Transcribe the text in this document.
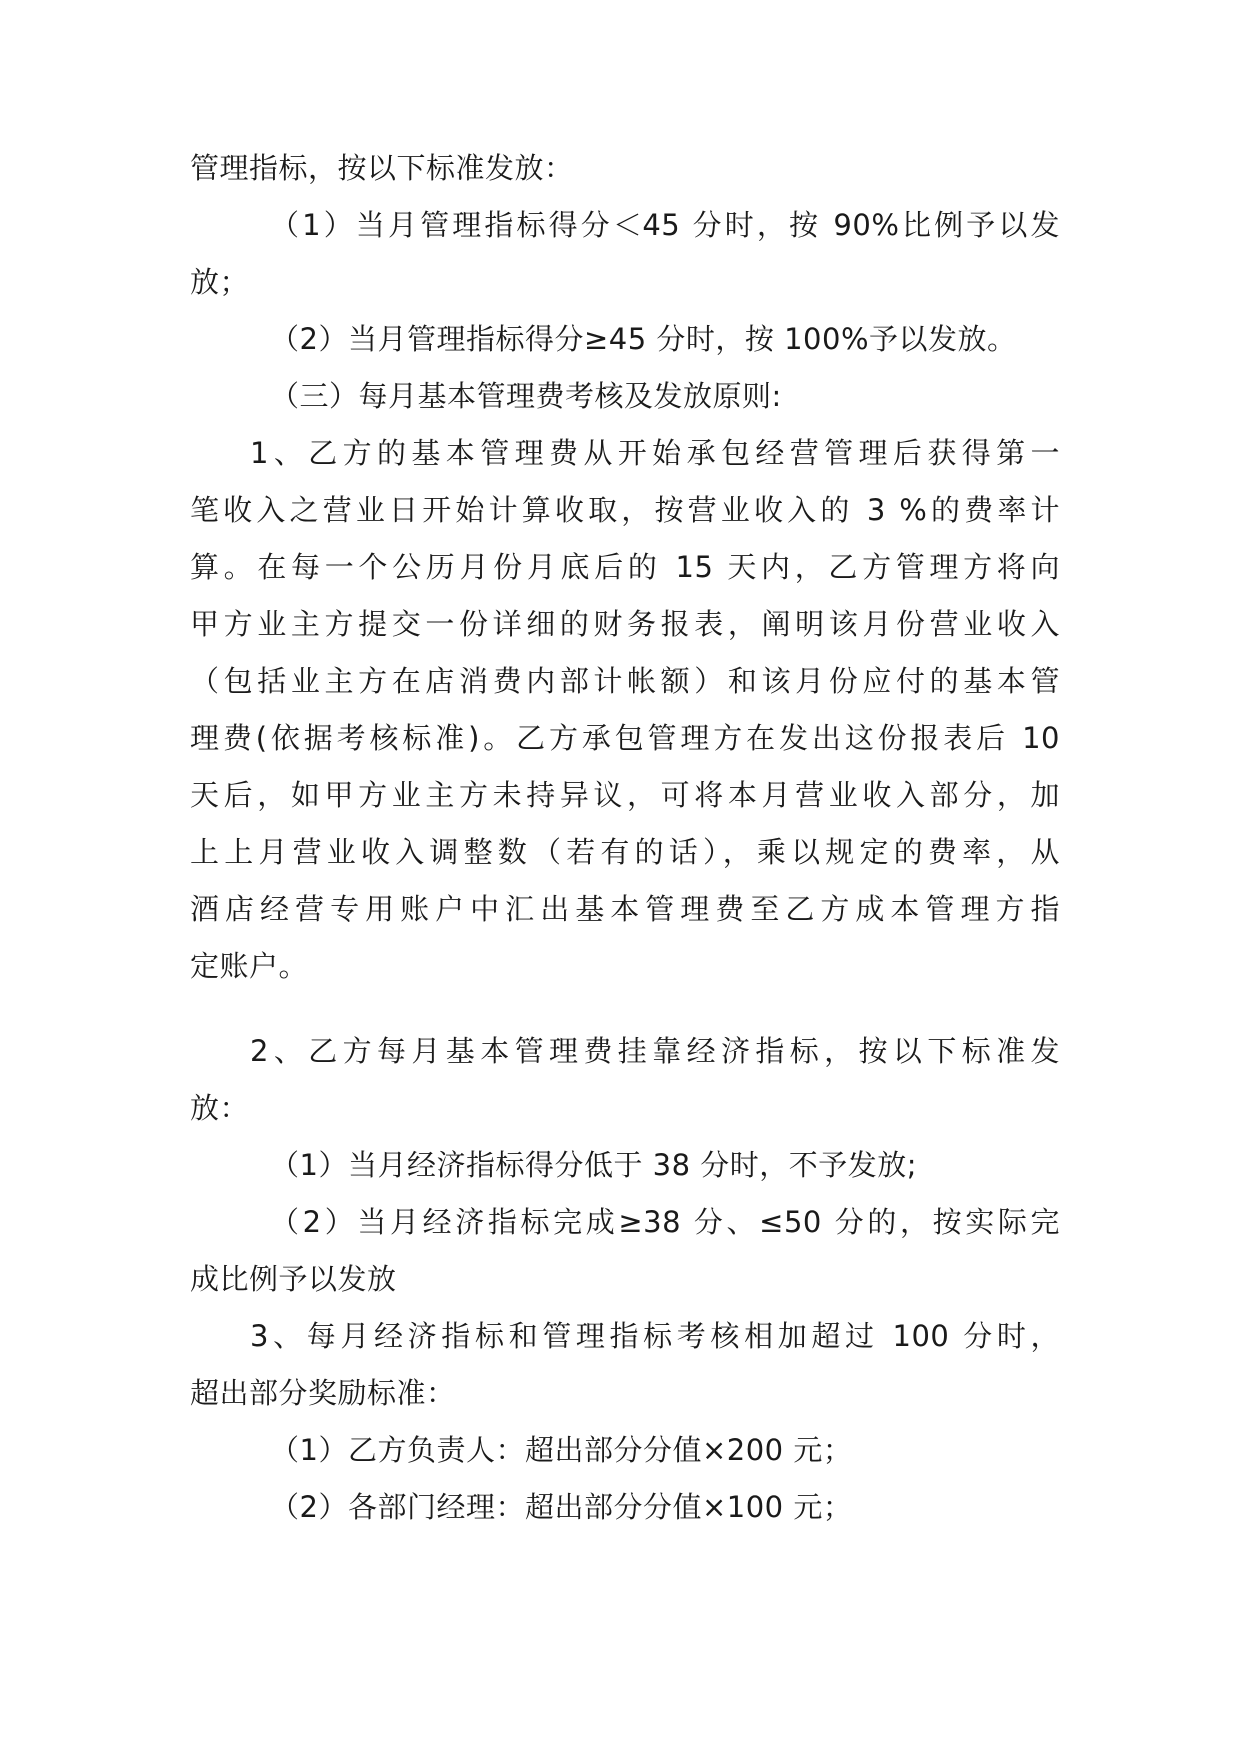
管理指标，按以下标准发放：
（1）当月管理指标得分＜45 分时，按 90%比例予以发
放；
（2）当月管理指标得分≥45 分时，按 100%予以发放。
（三）每月基本管理费考核及发放原则:
1、乙方的基本管理费从开始承包经营管理后获得第一
笔收入之营业日开始计算收取，按营业收入的 3 %的费率计
算。在每一个公历月份月底后的 15 天内，乙方管理方将向
甲方业主方提交一份详细的财务报表，阐明该月份营业收入
（包括业主方在店消费内部计帐额）和该月份应付的基本管
理费(依据考核标准)。乙方承包管理方在发出这份报表后 10
天后，如甲方业主方未持异议，可将本月营业收入部分，加
上上月营业收入调整数（若有的话），乘以规定的费率，从
酒店经营专用账户中汇出基本管理费至乙方成本管理方指
定账户。
2、乙方每月基本管理费挂靠经济指标，按以下标准发
放：
（1）当月经济指标得分低于 38 分时，不予发放;
（2）当月经济指标完成≥38 分、≤50 分的，按实际完
成比例予以发放
3、每月经济指标和管理指标考核相加超过 100 分时，
超出部分奖励标准：
（1）乙方负责人：超出部分分值×200 元；
（2）各部门经理：超出部分分值×100 元；
